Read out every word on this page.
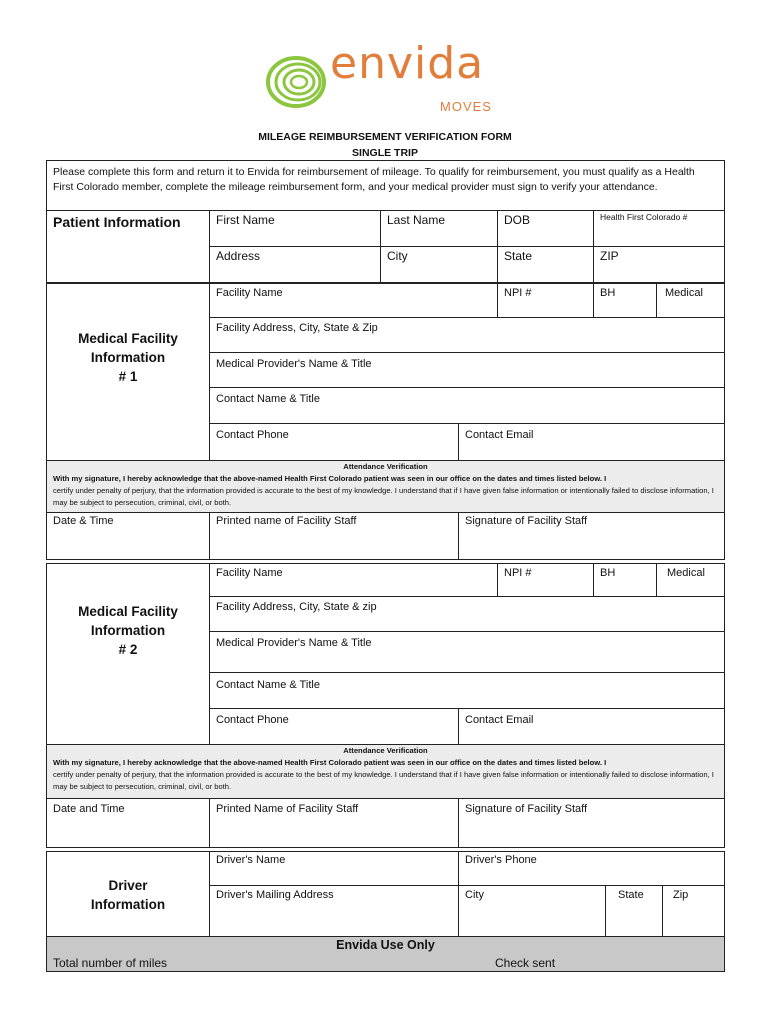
envida
MOVES
MILEAGE REIMBURSEMENT VERIFICATION FORM
SINGLE TRIP
Please complete this form and return it to Envida for reimbursement of mileage. To qualify for reimbursement, you must qualify as a Health First Colorado member, complete the mileage reimbursement form, and your medical provider must sign to verify your attendance.
Patient Information	First Name	Last Name	DOB	Health First Colorado #
Address	City	State	ZIP
Medical Facility
Information
# 1
Facility Name	NPI #	BH	Medical
Facility Address, City, State & Zip
Medical Provider's Name & Title
Contact Name & Title
Contact Phone	Contact Email
Attendance Verification
With my signature, I hereby acknowledge that the above-named Health First Colorado patient was seen in our office on the dates and times listed below. I
certify under penalty of perjury, that the information provided is accurate to the best of my knowledge. I understand that if I have given false information or intentionally failed to disclose information, I may be subject to persecution, criminal, civil, or both.
Date & Time	Printed name of Facility Staff	Signature of Facility Staff
Medical Facility
Information
# 2
Facility Name	NPI #	BH	Medical
Facility Address, City, State & zip
Medical Provider's Name & Title
Contact Name & Title
Contact Phone	Contact Email
Attendance Verification
With my signature, I hereby acknowledge that the above-named Health First Colorado patient was seen in our office on the dates and times listed below. I
certify under penalty of perjury, that the information provided is accurate to the best of my knowledge. I understand that if I have given false information or intentionally failed to disclose information, I may be subject to persecution, criminal, civil, or both.
Date and Time	Printed Name of Facility Staff	Signature of Facility Staff
Driver
Information
Driver's Name	Driver's Phone
Driver's Mailing Address	City	State	Zip
Envida Use Only
Total number of miles	Check sent
